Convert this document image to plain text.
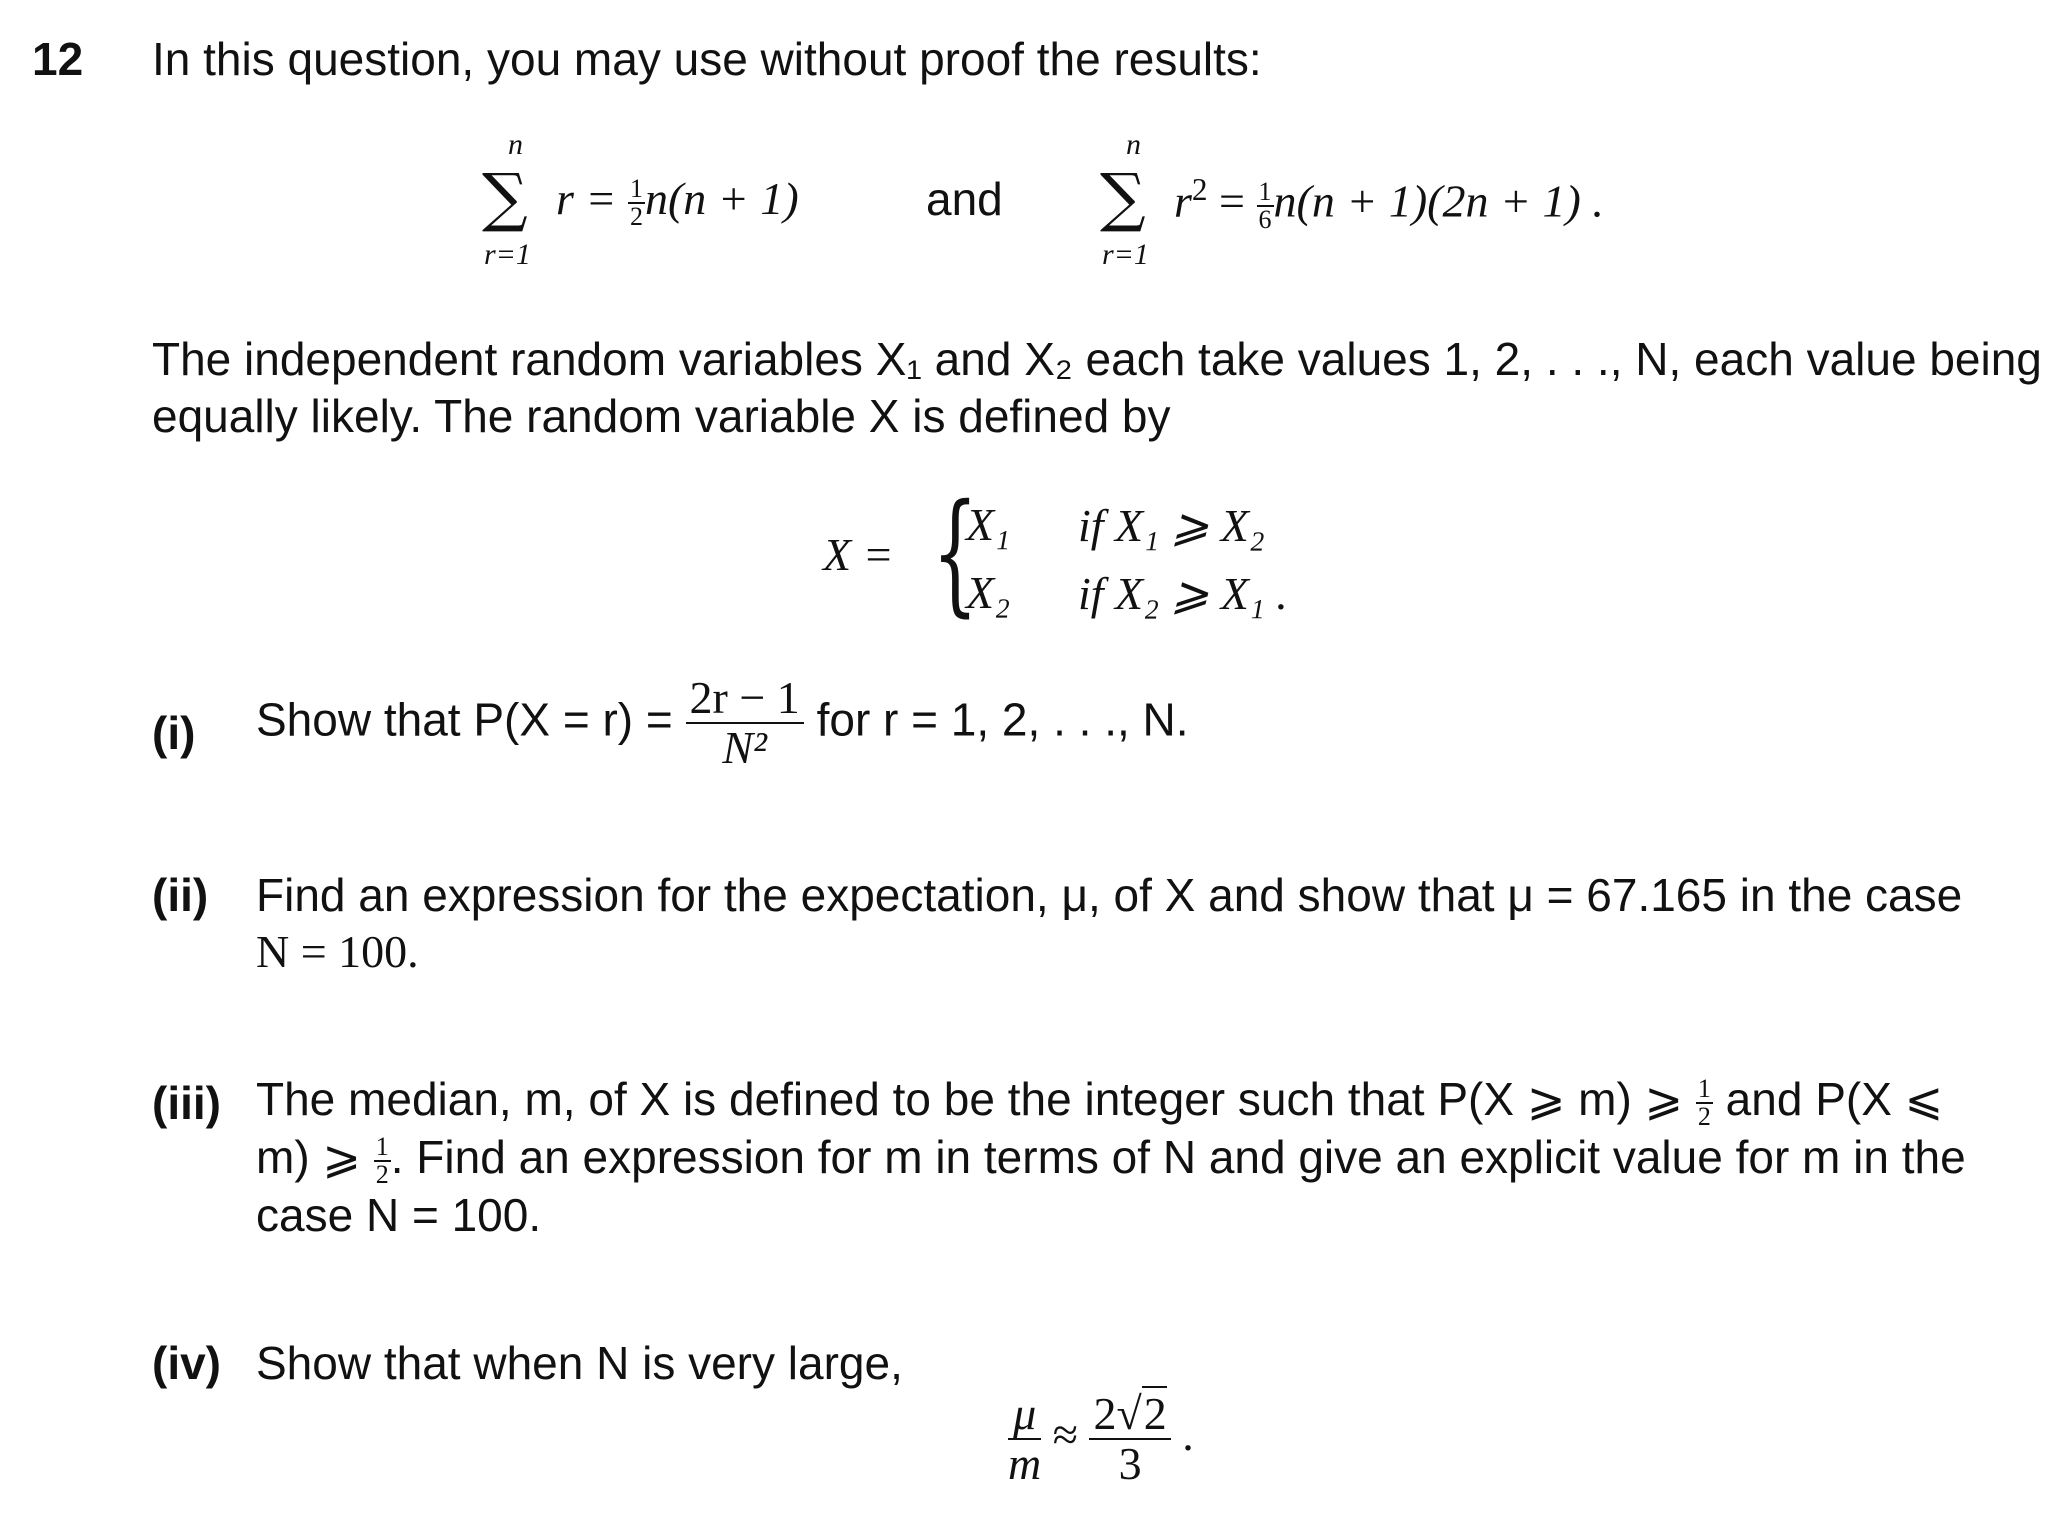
12 In this question, you may use without proof the results:
n
∑
r=1
$r = \frac{1}{2} n(n + 1)$	and
n
∑
r=1
$r^2 = \frac{1}{6} n(n + 1)(2n + 1)$ .
The independent random variables X₁ and X₂ each take values 1, 2, . . ., N, each value being
equally likely. The random variable X is defined by
X = {
X₁ if X₁ ⩾ X₂
X₂ if X₂ ⩾ X₁ .
(i) Show that $P(X = r) = \frac{2r - 1}{\text{N²}}$ for r = 1, 2, . . ., N.
(ii) Find an expression for the expectation, μ, of X and show that μ = 67.165 in the case
N = 100.
(iii) The median, m, of X is defined to be the integer such that P(X ⩾ m) ⩾ $\frac{1}{2}$ and P(X ⩽
m) ⩾ $\frac{1}{2}$ . Find an expression for m in terms of N and give an explicit value for m in the
case N = 100.
(iv) Show that when N is very large,
$\frac{\mu}{m} \approx \frac{2√2}{3}$ .
